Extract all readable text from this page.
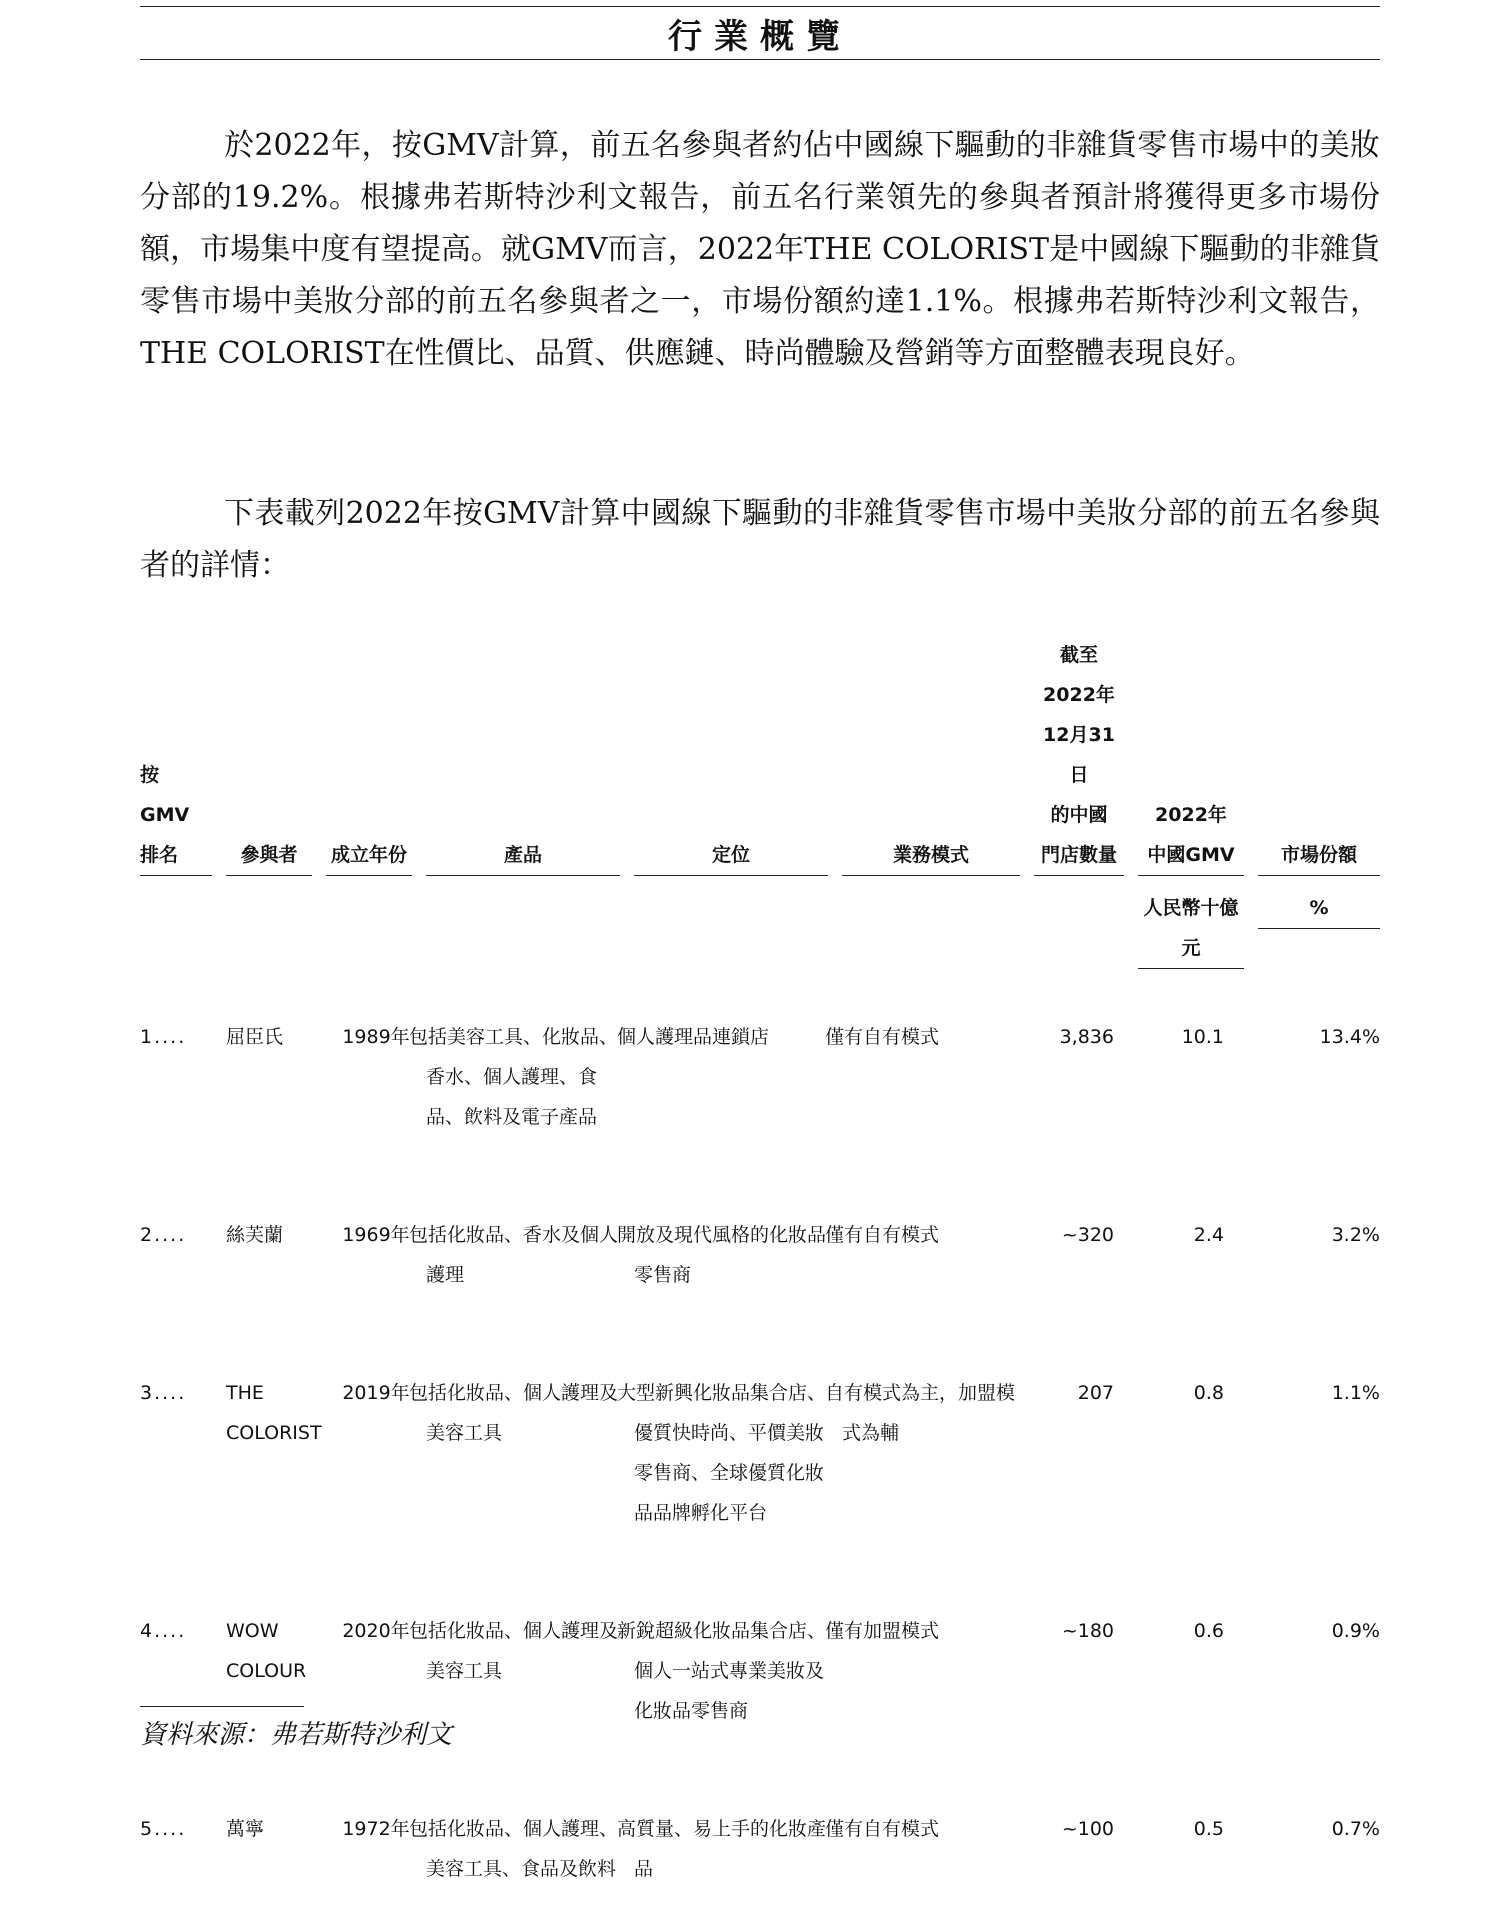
行業概覽

於2022年，按GMV計算，前五名參與者約佔中國線下驅動的非雜貨零售市場中的美妝分部的19.2%。根據弗若斯特沙利文報告，前五名行業領先的參與者預計將獲得更多市場份額，市場集中度有望提高。就GMV而言，2022年THE COLORIST是中國線下驅動的非雜貨零售市場中美妝分部的前五名參與者之一，市場份額約達1.1%。根據弗若斯特沙利文報告，THE COLORIST在性價比、品質、供應鏈、時尚體驗及營銷等方面整體表現良好。

下表載列2022年按GMV計算中國線下驅動的非雜貨零售市場中美妝分部的前五名參與者的詳情：

按
GMV
排名	參與者	成立年份	產品	定位	業務模式	截至2022年
12月31日
的中國
門店數量	2022年
中國GMV	市場份額

							人民幣十億元	%

1....	屈臣氏	1989年	包括美容工具、化妝品、香水、個人護理、食品、飲料及電子產品	個人護理品連鎖店	僅有自有模式	3,836	10.1	13.4%
2....	絲芙蘭	1969年	包括化妝品、香水及個人護理	開放及現代風格的化妝品零售商	僅有自有模式	~320	2.4	3.2%
3....	THE
COLORIST	2019年	包括化妝品、個人護理及美容工具	大型新興化妝品集合店、優質快時尚、平價美妝零售商、全球優質化妝品品牌孵化平台	自有模式為主，加盟模式為輔	207	0.8	1.1%
4....	WOW
COLOUR	2020年	包括化妝品、個人護理及美容工具	新銳超級化妝品集合店、個人一站式專業美妝及化妝品零售商	僅有加盟模式	~180	0.6	0.9%
5....	萬寧	1972年	包括化妝品、個人護理、美容工具、食品及飲料	高質量、易上手的化妝產品	僅有自有模式	~100	0.5	0.7%
資料來源：弗若斯特沙利文
